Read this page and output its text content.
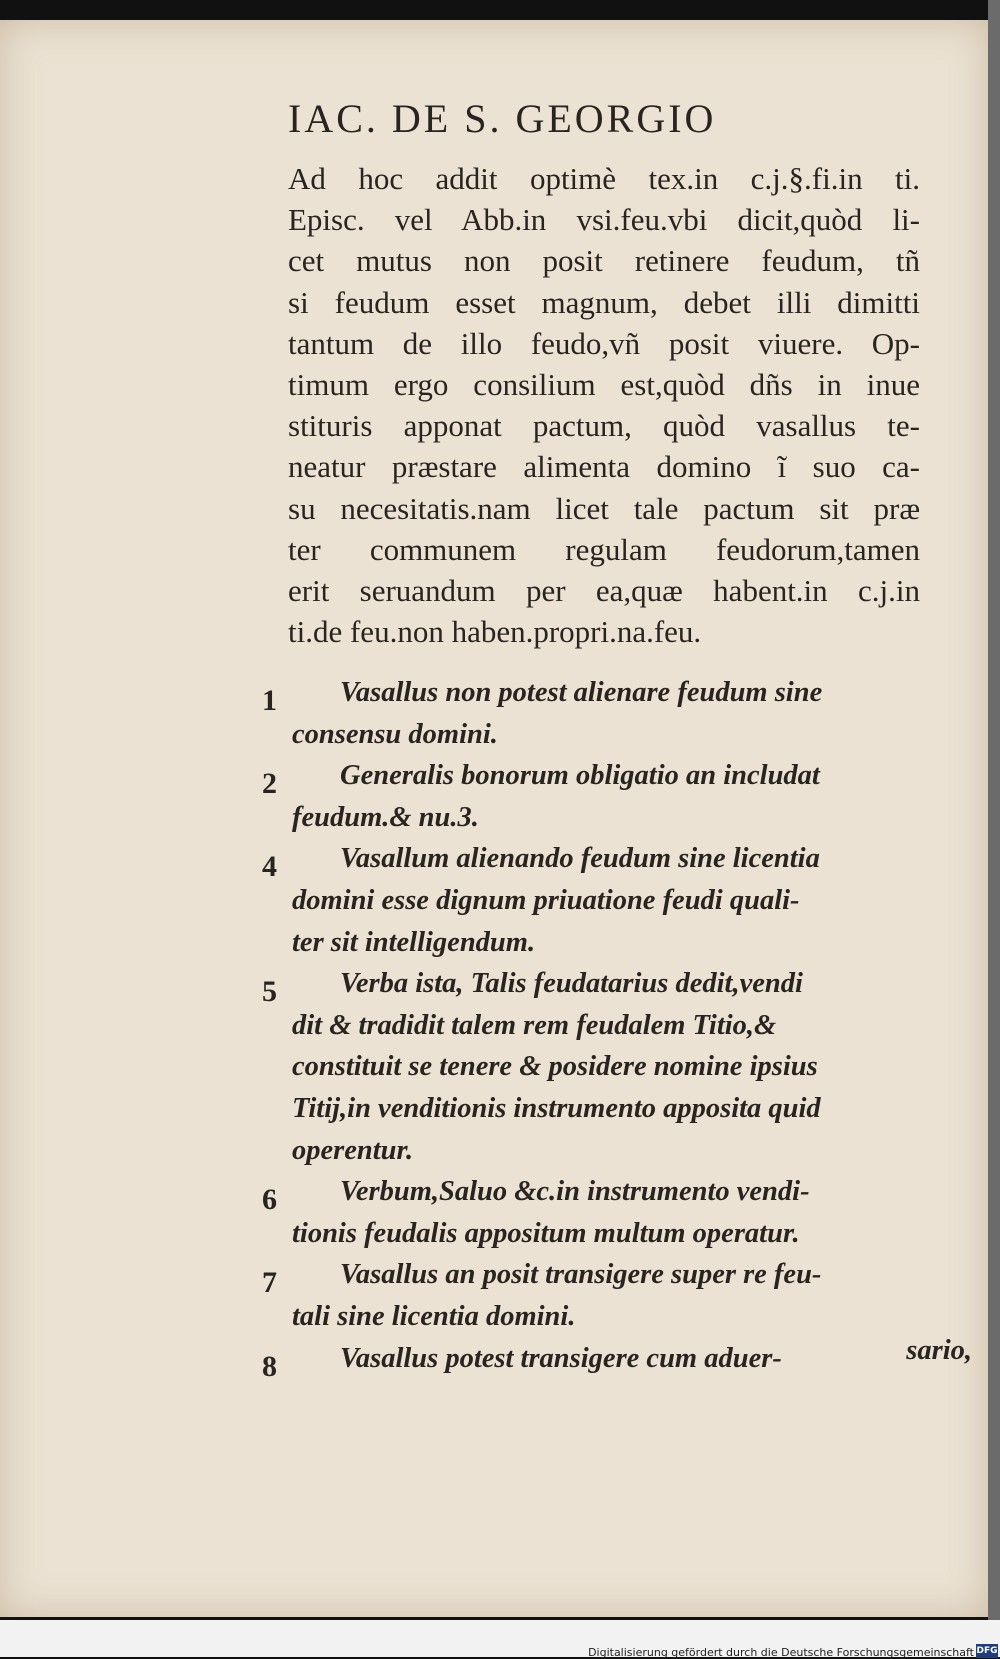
IAC. DE S. GEORGIO
Ad hoc addit optimè tex.in c.j.§.fi.in ti.
Episc. vel Abb.in vsi.feu.vbi dicit,quòd li-
cet mutus non posit retinere feudum, tñ
si feudum esset magnum, debet illi dimitti
tantum de illo feudo,vñ posit viuere. Op-
timum ergo consilium est,quòd dñs in inue
stituris apponat pactum, quòd vasallus te-
neatur præstare alimenta domino ĩ suo ca-
su necesitatis.nam licet tale pactum sit præ
ter communem regulam feudorum,tamen
erit seruandum per ea,quæ habent.in c.j.in
ti.de feu.non haben.propri.na.feu.
1	Vasallus non potest alienare feudum sine
consensu domini.
2	Generalis bonorum obligatio an includat
feudum.& nu.3.
4	Vasallum alienando feudum sine licentia
domini esse dignum priuatione feudi quali-
ter sit intelligendum.
5	Verba ista, Talis feudatarius dedit,vendi
dit & tradidit talem rem feudalem Titio,&
constituit se tenere & posidere nomine ipsius
Titij,in venditionis instrumento apposita quid
operentur.
6	Verbum,Saluo &c.in instrumento vendi-
tionis feudalis appositum multum operatur.
7	Vasallus an posit transigere super re feu-
tali sine licentia domini.
8	Vasallus potest transigere cum aduer-	sario,
Digitalisierung gefördert durch die Deutsche Forschungsgemeinschaft DFG
